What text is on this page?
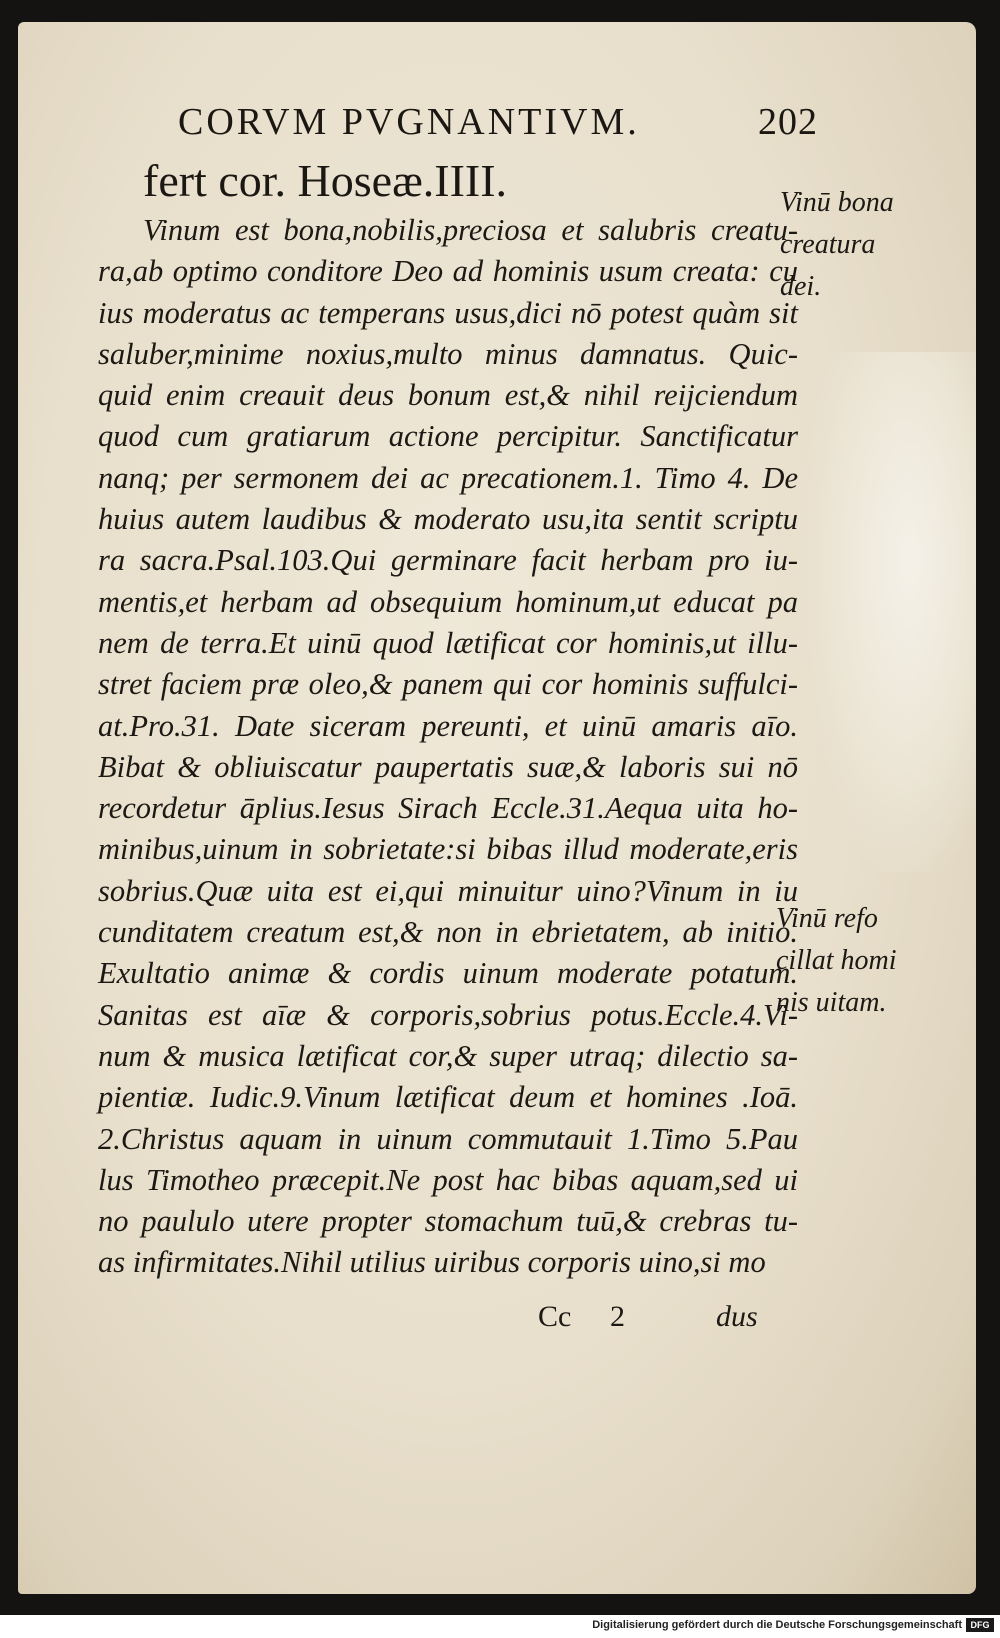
CORVM PVGNANTIVM.	202
fert cor. Hoseæ.IIII.
Vinum est bona,nobilis,preciosa et salubris creatu-
ra,ab optimo conditore Deo ad hominis usum creata: cu
ius moderatus ac temperans usus,dici nō potest quàm sit
saluber,minime noxius,multo minus damnatus. Quic-
quid enim creauit deus bonum est,& nihil reijciendum
quod cum gratiarum actione percipitur. Sanctificatur
nanq; per sermonem dei ac precationem.1. Timo 4. De
huius autem laudibus & moderato usu,ita sentit scriptu
ra sacra.Psal.103.Qui germinare facit herbam pro iu-
mentis,et herbam ad obsequium hominum,ut educat pa
nem de terra.Et uinū quod lætificat cor hominis,ut illu-
stret faciem præ oleo,& panem qui cor hominis suffulci-
at.Pro.31. Date siceram pereunti, et uinū amaris aīo.
Bibat & obliuiscatur paupertatis suæ,& laboris sui nō
recordetur āplius.Iesus Sirach Eccle.31.Aequa uita ho-
minibus,uinum in sobrietate:si bibas illud moderate,eris
sobrius.Quæ uita est ei,qui minuitur uino?Vinum in iu
cunditatem creatum est,& non in ebrietatem, ab initio.
Exultatio animæ & cordis uinum moderate potatum.
Sanitas est aīæ & corporis,sobrius potus.Eccle.4.Vi-
num & musica lætificat cor,& super utraq; dilectio sa-
pientiæ. Iudic.9.Vinum lætificat deum et homines .Ioā.
2.Christus aquam in uinum commutauit 1.Timo 5.Pau
lus Timotheo præcepit.Ne post hac bibas aquam,sed ui
no paululo utere propter stomachum tuū,& crebras tu-
as infirmitates.Nihil utilius uiribus corporis uino,si mo
Cc 2	dus
Vinū bona
creatura
dei.
Vinū refo
cillat homi
nis uitam.
Digitalisierung gefördert durch die Deutsche Forschungsgemeinschaft DFG
